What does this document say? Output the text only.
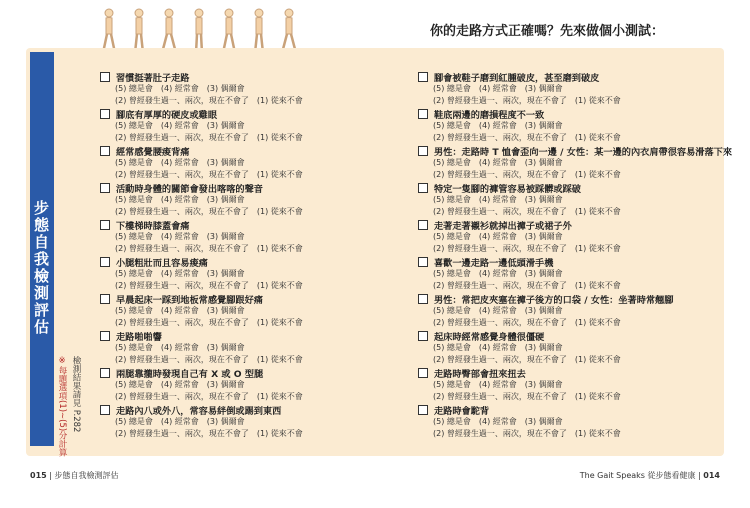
你的走路方式正確嗎？先來做個小測試：
步態自我檢測評估
※每題選項(1)∼(5)分計算 檢測結果請見 P.282
習慣挺著肚子走路
(5) 總是會　(4) 經常會　(3) 偶爾會
(2) 曾經發生過一、兩次，現在不會了　(1) 從來不會
腳底有厚厚的硬皮或雞眼
(5) 總是會　(4) 經常會　(3) 偶爾會
(2) 曾經發生過一、兩次，現在不會了　(1) 從來不會
經常感覺腰痠背痛
(5) 總是會　(4) 經常會　(3) 偶爾會
(2) 曾經發生過一、兩次，現在不會了　(1) 從來不會
活動時身體的關節會發出喀喀的聲音
(5) 總是會　(4) 經常會　(3) 偶爾會
(2) 曾經發生過一、兩次，現在不會了　(1) 從來不會
下樓梯時膝蓋會痛
(5) 總是會　(4) 經常會　(3) 偶爾會
(2) 曾經發生過一、兩次，現在不會了　(1) 從來不會
小腿粗壯而且容易痠痛
(5) 總是會　(4) 經常會　(3) 偶爾會
(2) 曾經發生過一、兩次，現在不會了　(1) 從來不會
早晨起床一踩到地板常感覺腳跟好痛
(5) 總是會　(4) 經常會　(3) 偶爾會
(2) 曾經發生過一、兩次，現在不會了　(1) 從來不會
走路啪啪響
(5) 總是會　(4) 經常會　(3) 偶爾會
(2) 曾經發生過一、兩次，現在不會了　(1) 從來不會
兩腿靠攏時發現自己有 X 或 O 型腿
(5) 總是會　(4) 經常會　(3) 偶爾會
(2) 曾經發生過一、兩次，現在不會了　(1) 從來不會
走路內八或外八，常容易絆倒或踢到東西
(5) 總是會　(4) 經常會　(3) 偶爾會
(2) 曾經發生過一、兩次，現在不會了　(1) 從來不會
腳會被鞋子磨到紅腫破皮，甚至磨到破皮
(5) 總是會　(4) 經常會　(3) 偶爾會
(2) 曾經發生過一、兩次，現在不會了　(1) 從來不會
鞋底兩邊的磨損程度不一致
(5) 總是會　(4) 經常會　(3) 偶爾會
(2) 曾經發生過一、兩次，現在不會了　(1) 從來不會
男性：走路時 T 恤會歪向一邊 / 女性：某一邊的內衣肩帶很容易滑落下來
(5) 總是會　(4) 經常會　(3) 偶爾會
(2) 曾經發生過一、兩次，現在不會了　(1) 從來不會
特定一隻腳的褲管容易被踩髒或踩破
(5) 總是會　(4) 經常會　(3) 偶爾會
(2) 曾經發生過一、兩次，現在不會了　(1) 從來不會
走著走著襯衫就掉出褲子或裙子外
(5) 總是會　(4) 經常會　(3) 偶爾會
(2) 曾經發生過一、兩次，現在不會了　(1) 從來不會
喜歡一邊走路一邊低頭滑手機
(5) 總是會　(4) 經常會　(3) 偶爾會
(2) 曾經發生過一、兩次，現在不會了　(1) 從來不會
男性：常把皮夾塞在褲子後方的口袋 / 女性：坐著時常翹腳
(5) 總是會　(4) 經常會　(3) 偶爾會
(2) 曾經發生過一、兩次，現在不會了　(1) 從來不會
起床時經常感覺身體很僵硬
(5) 總是會　(4) 經常會　(3) 偶爾會
(2) 曾經發生過一、兩次，現在不會了　(1) 從來不會
走路時臀部會扭來扭去
(5) 總是會　(4) 經常會　(3) 偶爾會
(2) 曾經發生過一、兩次，現在不會了　(1) 從來不會
走路時會駝背
(5) 總是會　(4) 經常會　(3) 偶爾會
(2) 曾經發生過一、兩次，現在不會了　(1) 從來不會
015 | 步態自我檢測評估	The Gait Speaks 從步態看健康 | 014
